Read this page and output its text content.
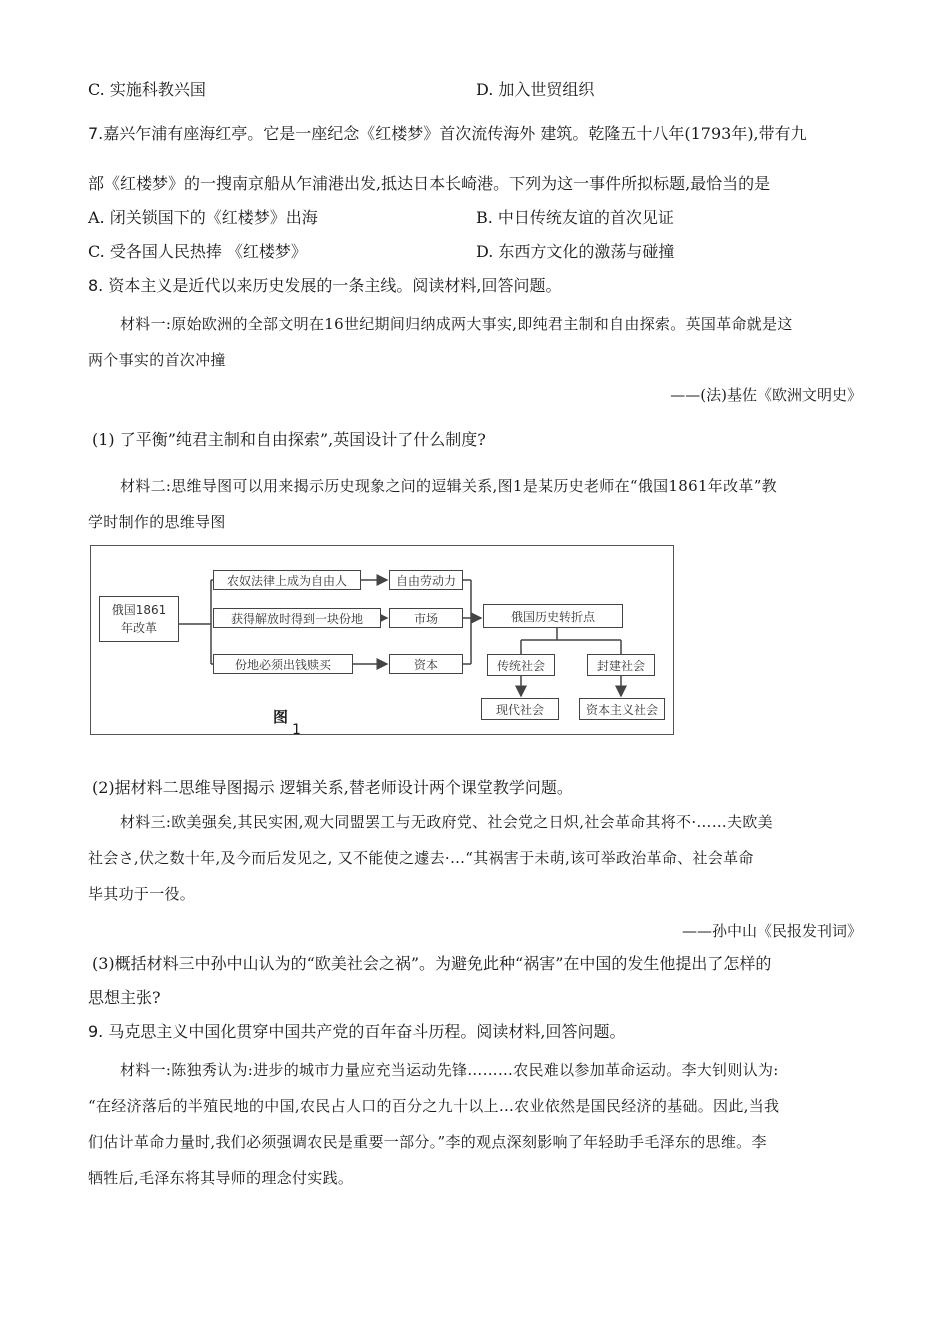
C. 实施科教兴国	D. 加入世贸组织
7.嘉兴乍浦有座海红亭。它是一座纪念《红楼梦》首次流传海外 建筑。乾隆五十八年(1793年),带有九
部《红楼梦》的一搜南京船从乍浦港出发,抵达日本长崎港。下列为这一事件所拟标题,最恰当的是
A. 闭关锁国下的《红楼梦》出海	B. 中日传统友谊的首次见证
C. 受各国人民热捧 《红楼梦》	D. 东西方文化的激荡与碰撞
8. 资本主义是近代以来历史发展的一条主线。阅读材料,回答问题。
材料一:原始欧洲的全部文明在16世纪期间归纳成两大事实,即纯君主制和自由探索。英国革命就是这
两个事实的首次冲撞
——(法)基佐《欧洲文明史》
(1) 了平衡”纯君主制和自由探索”,英国设计了什么制度?
材料二:思维导图可以用来揭示历史现象之问的逗辑关系,图1是某历史老师在“俄国1861年改革”教
学时制作的思维导图
俄国1861年改革
农奴法律上成为自由人
获得解放时得到一块份地
份地必须出钱赎买
自由劳动力
市场
资本
俄国历史转折点
传统社会	封建社会
现代社会	资本主义社会
图
1
(2)据材料二思维导图揭示 逻辑关系,替老师设计两个课堂教学问题。
材料三:欧美强矣,其民实困,观大同盟罢工与无政府党、社会党之日炽,社会革命其将不·……夫欧美
社会さ,伏之数十年,及今而后发见之, 又不能使之遽去·…“其祸害于未萌,该可举政治革命、社会革命
毕其功于一役。
——孙中山《民报发刊词》
(3)概括材料三中孙中山认为的“欧美社会之祸”。为避免此种“祸害”在中国的发生他提出了怎样的
思想主张?
9. 马克思主义中国化贯穿中国共产党的百年奋斗历程。阅读材料,回答问题。
材料一:陈独秀认为:进步的城市力量应充当运动先锋………农民难以参加革命运动。李大钊则认为:
“在经济落后的半殖民地的中国,农民占人口的百分之九十以上…农业依然是国民经济的基础。因此,当我
们估计革命力量时,我们必须强调农民是重要一部分。”李的观点深刻影响了年轻助手毛泽东的思维。李
牺牲后,毛泽东将其导师的理念付实践。
